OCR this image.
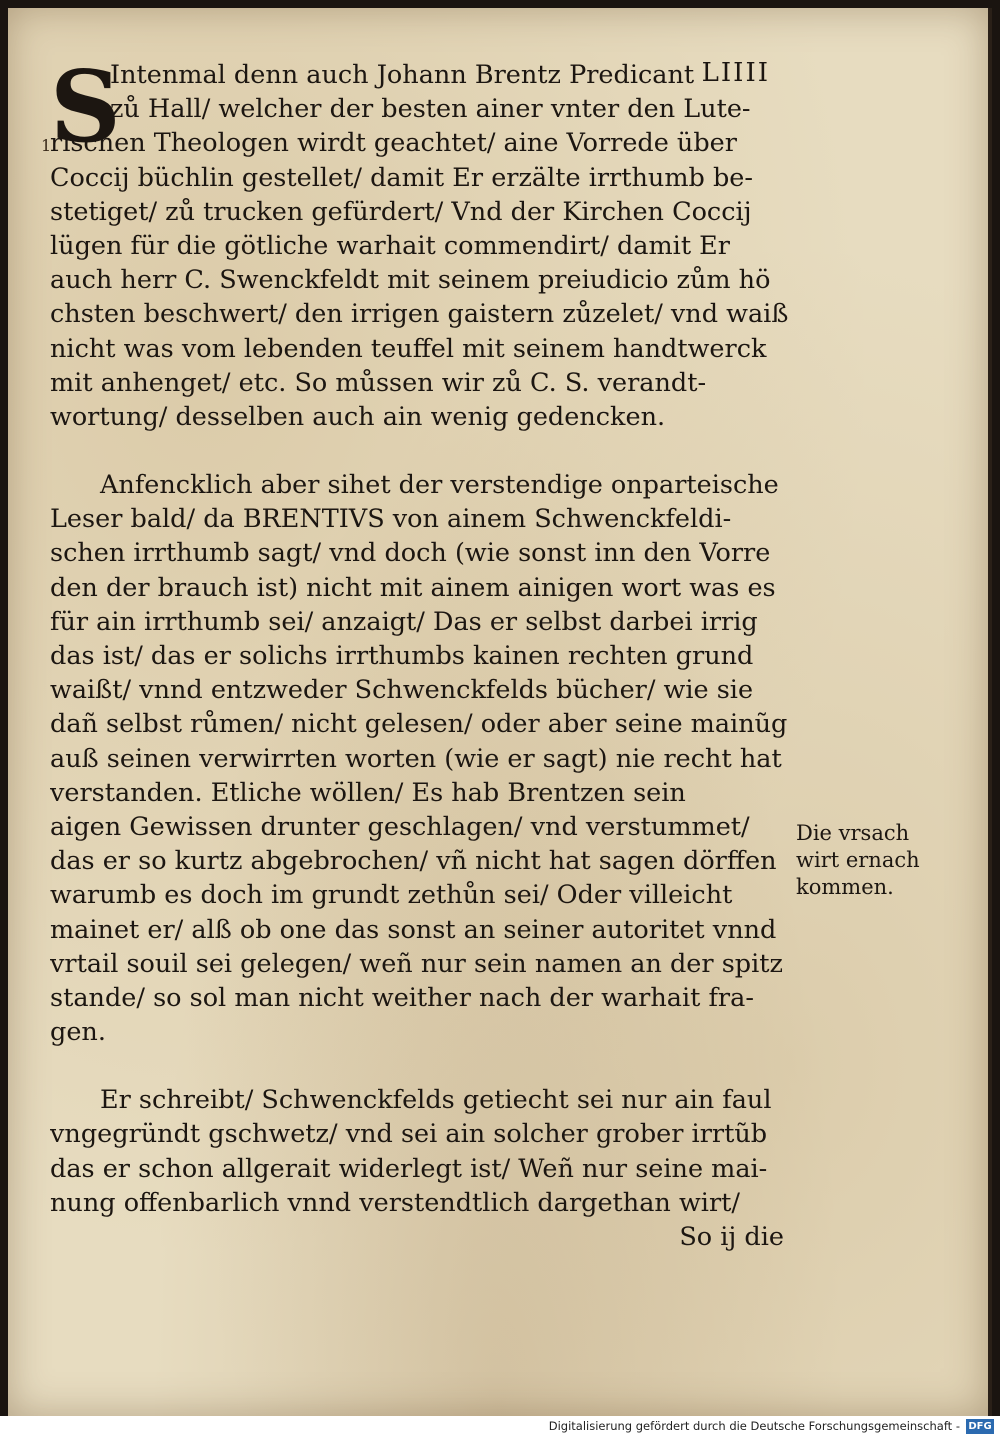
1
LIIII
S
Intenmal denn auch Johann Brentz Predicant
zů Hall/ welcher der besten ainer vnter den Lute-
rischen Theologen wirdt geachtet/ aine Vorrede über
Coccij büchlin gestellet/ damit Er erzälte irrthumb be-
stetiget/ zů trucken gefürdert/ Vnd der Kirchen Coccij
lügen für die götliche warhait commendirt/ damit Er
auch herr C. Swenckfeldt mit seinem preiudicio zům hö
chsten beschwert/ den irrigen gaistern zůzelet/ vnd waiß
nicht was vom lebenden teuffel mit seinem handtwerck
mit anhenget/ etc. So můssen wir zů C. S. verandt-
wortung/ desselben auch ain wenig gedencken.
Anfencklich aber sihet der verstendige onparteische
Leser bald/ da BRENTIVS von ainem Schwenckfeldi-
schen irrthumb sagt/ vnd doch (wie sonst inn den Vorre
den der brauch ist) nicht mit ainem ainigen wort was es
für ain irrthumb sei/ anzaigt/ Das er selbst darbei irrig
das ist/ das er solichs irrthumbs kainen rechten grund
waißt/ vnnd entzweder Schwenckfelds bücher/ wie sie
dañ selbst růmen/ nicht gelesen/ oder aber seine mainũg
auß seinen verwirrten worten (wie er sagt) nie recht hat
verstanden. Etliche wöllen/ Es hab Brentzen sein
aigen Gewissen drunter geschlagen/ vnd verstummet/
das er so kurtz abgebrochen/ vñ nicht hat sagen dörffen
warumb es doch im grundt zethůn sei/ Oder villeicht
mainet er/ alß ob one das sonst an seiner autoritet vnnd
vrtail souil sei gelegen/ weñ nur sein namen an der spitz
stande/ so sol man nicht weither nach der warhait fra-
gen.
Er schreibt/ Schwenckfelds getiecht sei nur ain faul
vngegründt gschwetz/ vnd sei ain solcher grober irrtũb
das er schon allgerait widerlegt ist/ Weñ nur seine mai-
nung offenbarlich vnnd verstendtlich dargethan wirt/
So ij die
Die vrsach
wirt ernach
kommen.
Digitalisierung gefördert durch die Deutsche Forschungsgemeinschaft - DFG
